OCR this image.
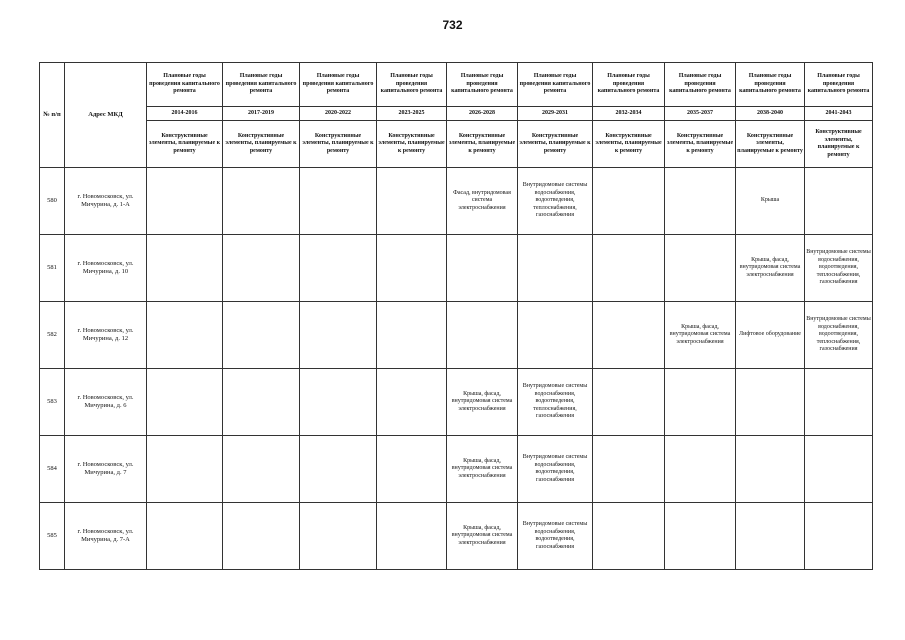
732
№ п/п	Адрес МКД	Плановые годы проведения капитального ремонта	Плановые годы проведения капитального ремонта	Плановые годы проведения капитального ремонта	Плановые годы проведения капитального ремонта	Плановые годы проведения капитального ремонта	Плановые годы проведения капитального ремонта	Плановые годы проведения капитального ремонта	Плановые годы проведения капитального ремонта	Плановые годы проведения капитального ремонта	Плановые годы проведения капитального ремонта
		2014-2016	2017-2019	2020-2022	2023-2025	2026-2028	2029-2031	2032-2034	2035-2037	2038-2040	2041-2043
		Конструктивные элементы, планируемые к ремонту	Конструктивные элементы, планируемые к ремонту	Конструктивные элементы, планируемые к ремонту	Конструктивные элементы, планируемые к ремонту	Конструктивные элементы, планируемые к ремонту	Конструктивные элементы, планируемые к ремонту	Конструктивные элементы, планируемые к ремонту	Конструктивные элементы, планируемые к ремонту	Конструктивные элементы, планируемые к ремонту	Конструктивные элементы, планируемые к ремонту
580	г. Новомосковск, ул. Мичурина, д. 1-А					Фасад, внутридомовая система электроснабжения	Внутридомовые системы водоснабжения, водоотведения, теплоснабжения, газоснабжения			Крыша	
581	г. Новомосковск, ул. Мичурина, д. 10									Крыша, фасад, внутридомовая система электроснабжения	Внутридомовые системы водоснабжения, водоотведения, теплоснабжения, газоснабжения
582	г. Новомосковск, ул. Мичурина, д. 12								Крыша, фасад, внутридомовая система электроснабжения	Лифтовое оборудование	Внутридомовые системы водоснабжения, водоотведения, теплоснабжения, газоснабжения
583	г. Новомосковск, ул. Мичурина, д. 6					Крыша, фасад, внутридомовая система электроснабжения	Внутридомовые системы водоснабжения, водоотведения, теплоснабжения, газоснабжения				
584	г. Новомосковск, ул. Мичурина, д. 7					Крыша, фасад, внутридомовая система электроснабжения	Внутридомовые системы водоснабжения, водоотведения, газоснабжения				
585	г. Новомосковск, ул. Мичурина, д. 7-А					Крыша, фасад, внутридомовая система электроснабжения	Внутридомовые системы водоснабжения, водоотведения, газоснабжения				
